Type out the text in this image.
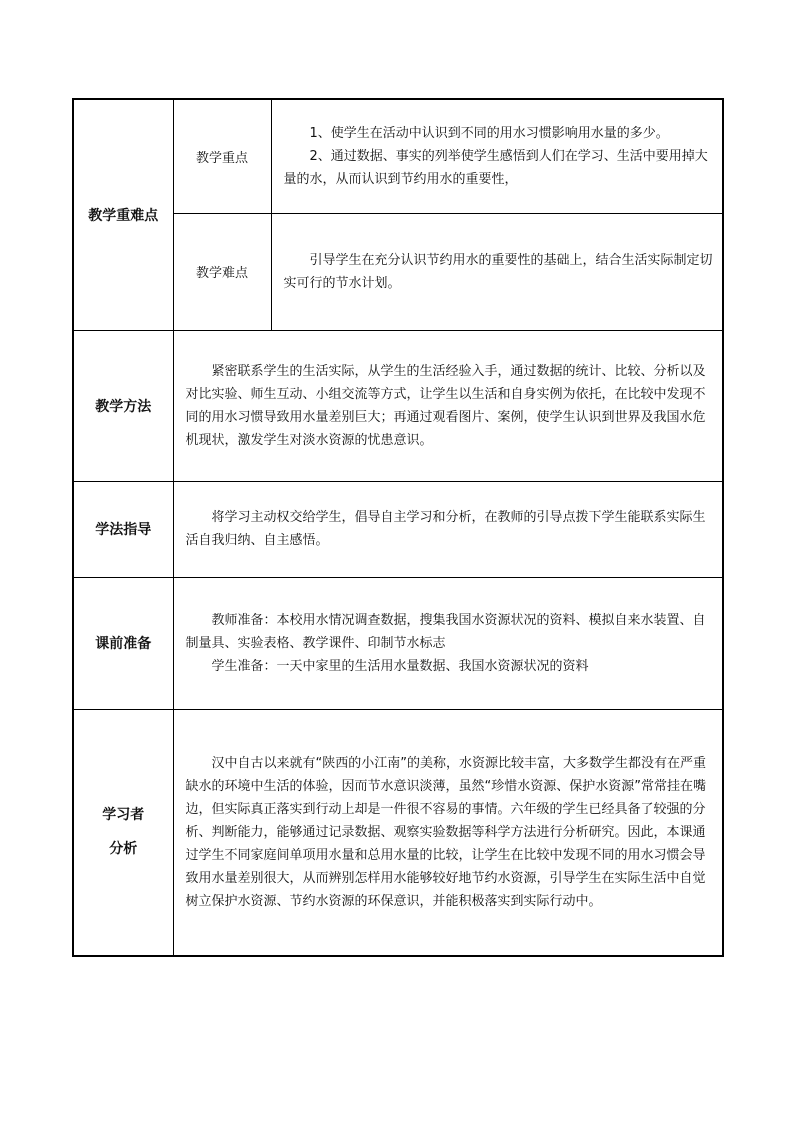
教学重难点	教学重点	1、使学生在活动中认识到不同的用水习惯影响用水量的多少。

2、通过数据、事实的列举使学生感悟到人们在学习、生活中要用掉大量的水，从而认识到节约用水的重要性，

	教学难点	引导学生在充分认识节约用水的重要性的基础上，结合生活实际制定切实可行的节水计划。

教学方法	紧密联系学生的生活实际，从学生的生活经验入手，通过数据的统计、比较、分析以及对比实验、师生互动、小组交流等方式，让学生以生活和自身实例为依托，在比较中发现不同的用水习惯导致用水量差别巨大；再通过观看图片、案例，使学生认识到世界及我国水危机现状，激发学生对淡水资源的忧患意识。	

学法指导	将学习主动权交给学生，倡导自主学习和分析，在教师的引导点拨下学生能联系实际生活自我归纳、自主感悟。	

课前准备	教师准备：本校用水情况调查数据，搜集我国水资源状况的资料、模拟自来水装置、自制量具、实验表格、教学课件、印制节水标志

学生准备：一天中家里的生活用水量数据、我国水资源状况的资料	

学习者
分析	汉中自古以来就有“陕西的小江南”的美称，水资源比较丰富，大多数学生都没有在严重缺水的环境中生活的体验，因而节水意识淡薄，虽然“珍惜水资源、保护水资源”常常挂在嘴边，但实际真正落实到行动上却是一件很不容易的事情。六年级的学生已经具备了较强的分析、判断能力，能够通过记录数据、观察实验数据等科学方法进行分析研究。因此，本课通过学生不同家庭间单项用水量和总用水量的比较，让学生在比较中发现不同的用水习惯会导致用水量差别很大，从而辨别怎样用水能够较好地节约水资源，引导学生在实际生活中自觉树立保护水资源、节约水资源的环保意识，并能积极落实到实际行动中。	
